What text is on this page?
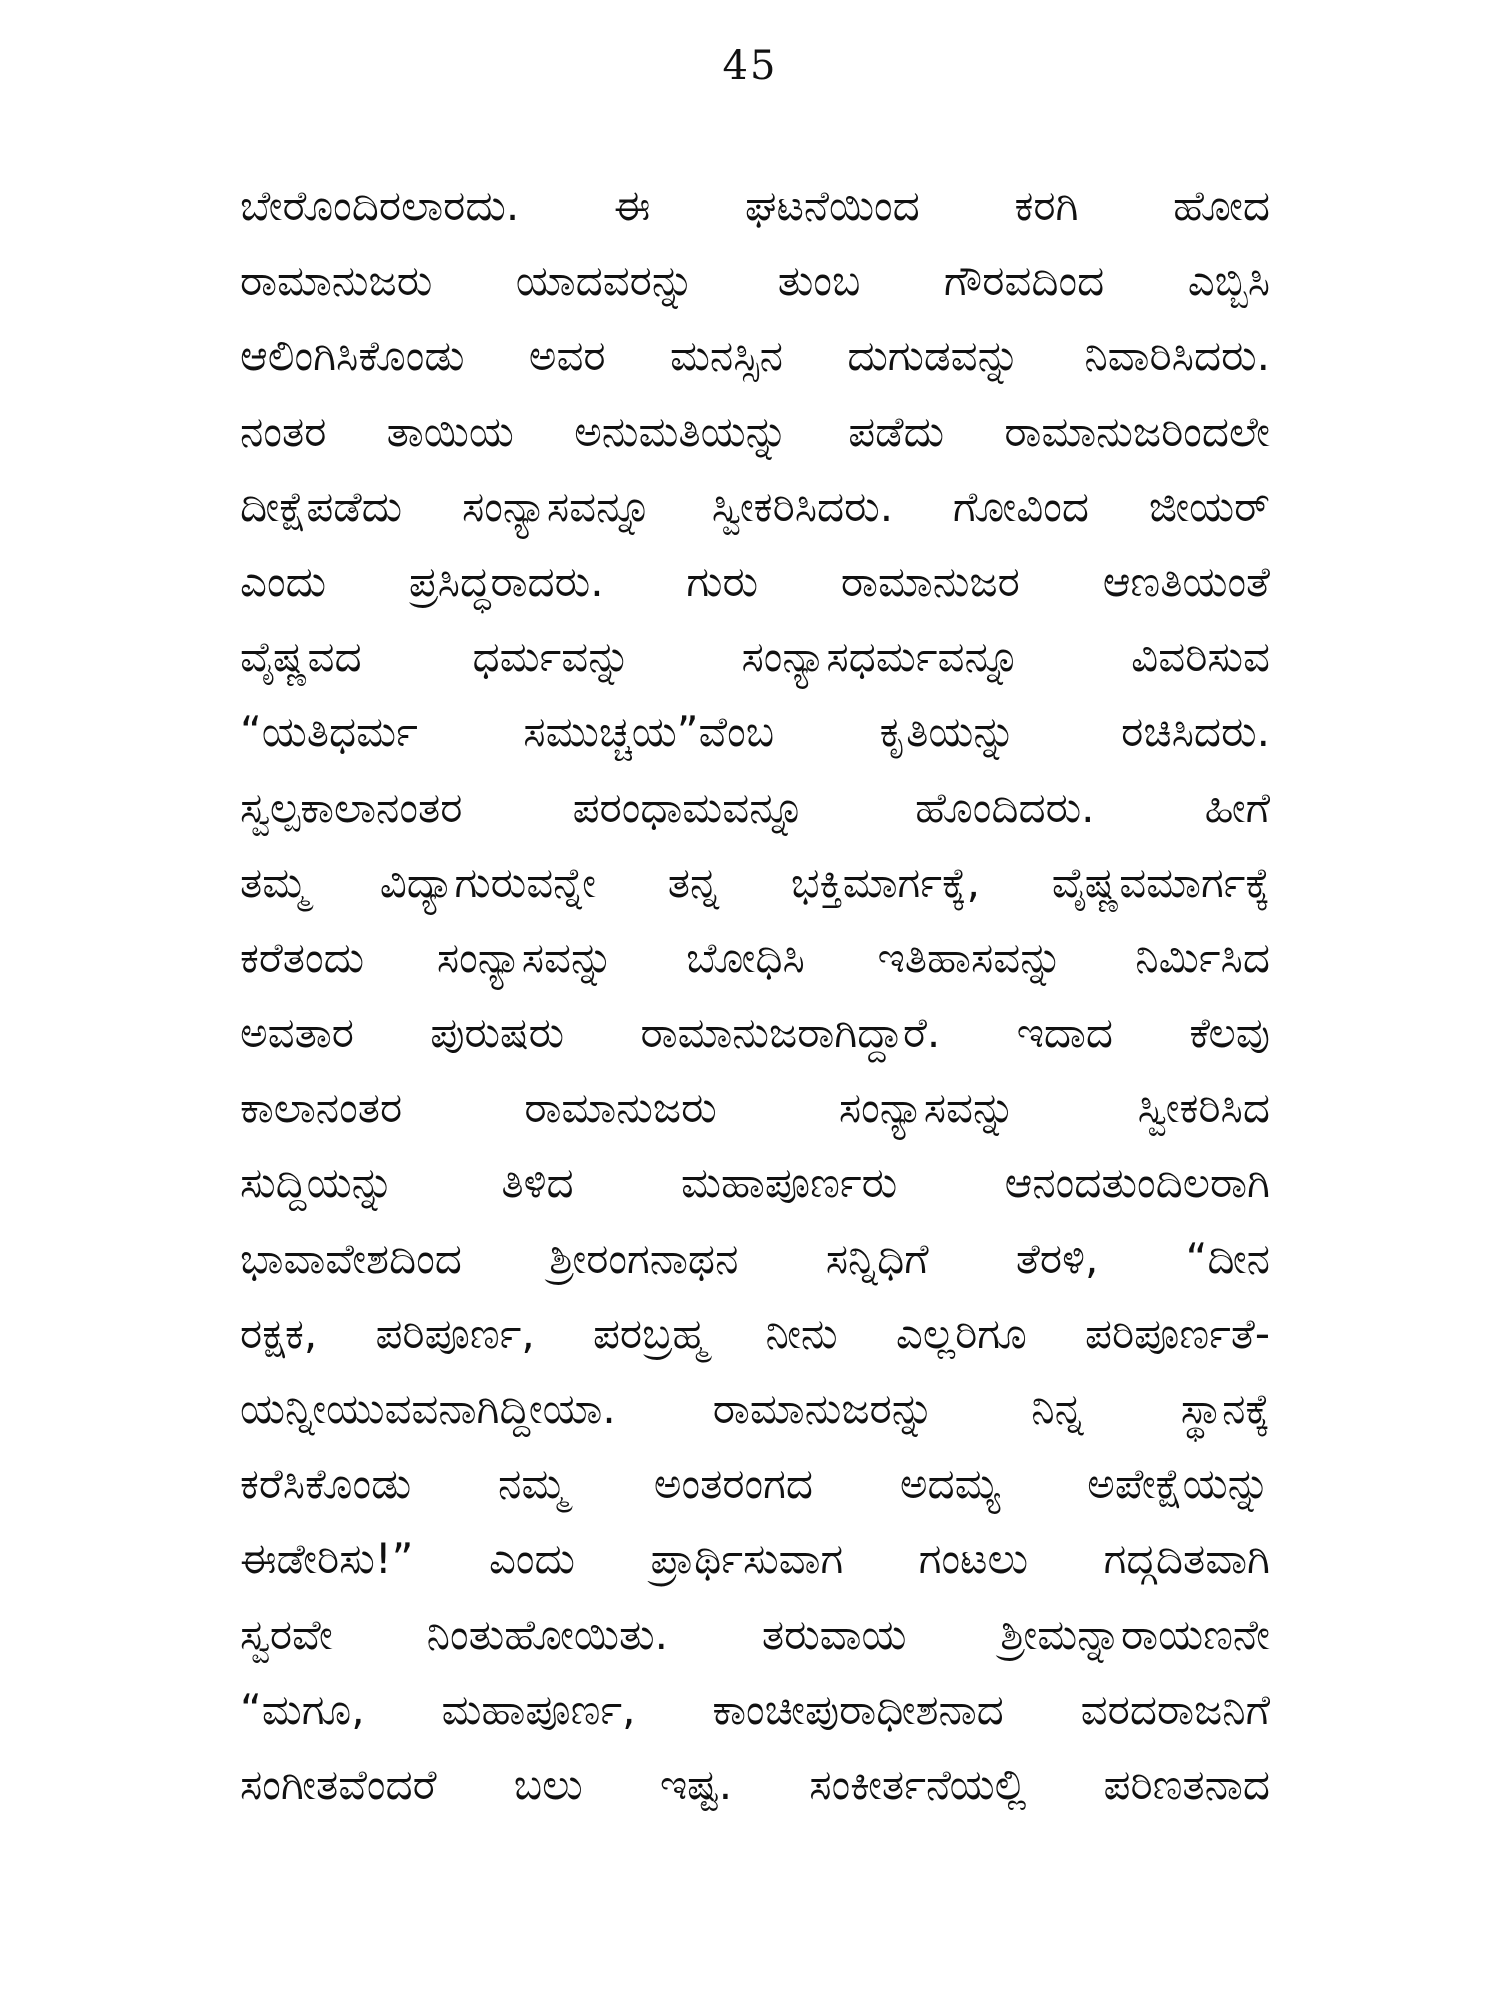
45
ಬೇರೊಂದಿರಲಾರದು. ಈ ಘಟನೆಯಿಂದ ಕರಗಿ ಹೋದ
ರಾಮಾನುಜರು ಯಾದವರನ್ನು ತುಂಬ ಗೌರವದಿಂದ ಎಬ್ಬಿಸಿ
ಆಲಿಂಗಿಸಿಕೊಂಡು ಅವರ ಮನಸ್ಸಿನ ದುಗುಡವನ್ನು ನಿವಾರಿಸಿದರು.
ನಂತರ ತಾಯಿಯ ಅನುಮತಿಯನ್ನು ಪಡೆದು ರಾಮಾನುಜರಿಂದಲೇ
ದೀಕ್ಷೆಪಡೆದು ಸಂನ್ಯಾಸವನ್ನೂ ಸ್ವೀಕರಿಸಿದರು. ಗೋವಿಂದ ಜೀಯರ್
ಎಂದು ಪ್ರಸಿದ್ಧರಾದರು. ಗುರು ರಾಮಾನುಜರ ಆಣತಿಯಂತೆ
ವೈಷ್ಣವದ ಧರ್ಮವನ್ನು ಸಂನ್ಯಾಸಧರ್ಮವನ್ನೂ ವಿವರಿಸುವ
“ಯತಿಧರ್ಮ ಸಮುಚ್ಚಯ”ವೆಂಬ ಕೃತಿಯನ್ನು ರಚಿಸಿದರು.
ಸ್ವಲ್ಪಕಾಲಾನಂತರ ಪರಂಧಾಮವನ್ನೂ ಹೊಂದಿದರು. ಹೀಗೆ
ತಮ್ಮ ವಿದ್ಯಾಗುರುವನ್ನೇ ತನ್ನ ಭಕ್ತಿಮಾರ್ಗಕ್ಕೆ, ವೈಷ್ಣವಮಾರ್ಗಕ್ಕೆ
ಕರೆತಂದು ಸಂನ್ಯಾಸವನ್ನು ಬೋಧಿಸಿ ಇತಿಹಾಸವನ್ನು ನಿರ್ಮಿಸಿದ
ಅವತಾರ ಪುರುಷರು ರಾಮಾನುಜರಾಗಿದ್ದಾರೆ. ಇದಾದ ಕೆಲವು
ಕಾಲಾನಂತರ ರಾಮಾನುಜರು ಸಂನ್ಯಾಸವನ್ನು ಸ್ವೀಕರಿಸಿದ
ಸುದ್ದಿಯನ್ನು ತಿಳಿದ ಮಹಾಪೂರ್ಣರು ಆನಂದತುಂದಿಲರಾಗಿ
ಭಾವಾವೇಶದಿಂದ ಶ್ರೀರಂಗನಾಥನ ಸನ್ನಿಧಿಗೆ ತೆರಳಿ, “ದೀನ
ರಕ್ಷಕ, ಪರಿಪೂರ್ಣ, ಪರಬ್ರಹ್ಮ ನೀನು ಎಲ್ಲರಿಗೂ ಪರಿಪೂರ್ಣತೆ-
ಯನ್ನೀಯುವವನಾಗಿದ್ದೀಯಾ. ರಾಮಾನುಜರನ್ನು ನಿನ್ನ ಸ್ಥಾನಕ್ಕೆ
ಕರೆಸಿಕೊಂಡು ನಮ್ಮ ಅಂತರಂಗದ ಅದಮ್ಯ ಅಪೇಕ್ಷೆಯನ್ನು
ಈಡೇರಿಸು!” ಎಂದು ಪ್ರಾರ್ಥಿಸುವಾಗ ಗಂಟಲು ಗದ್ಗದಿತವಾಗಿ
ಸ್ವರವೇ ನಿಂತುಹೋಯಿತು. ತರುವಾಯ ಶ್ರೀಮನ್ನಾರಾಯಣನೇ
“ಮಗೂ, ಮಹಾಪೂರ್ಣ, ಕಾಂಚೀಪುರಾಧೀಶನಾದ ವರದರಾಜನಿಗೆ
ಸಂಗೀತವೆಂದರೆ ಬಲು ಇಷ್ಟ. ಸಂಕೀರ್ತನೆಯಲ್ಲಿ ಪರಿಣತನಾದ
